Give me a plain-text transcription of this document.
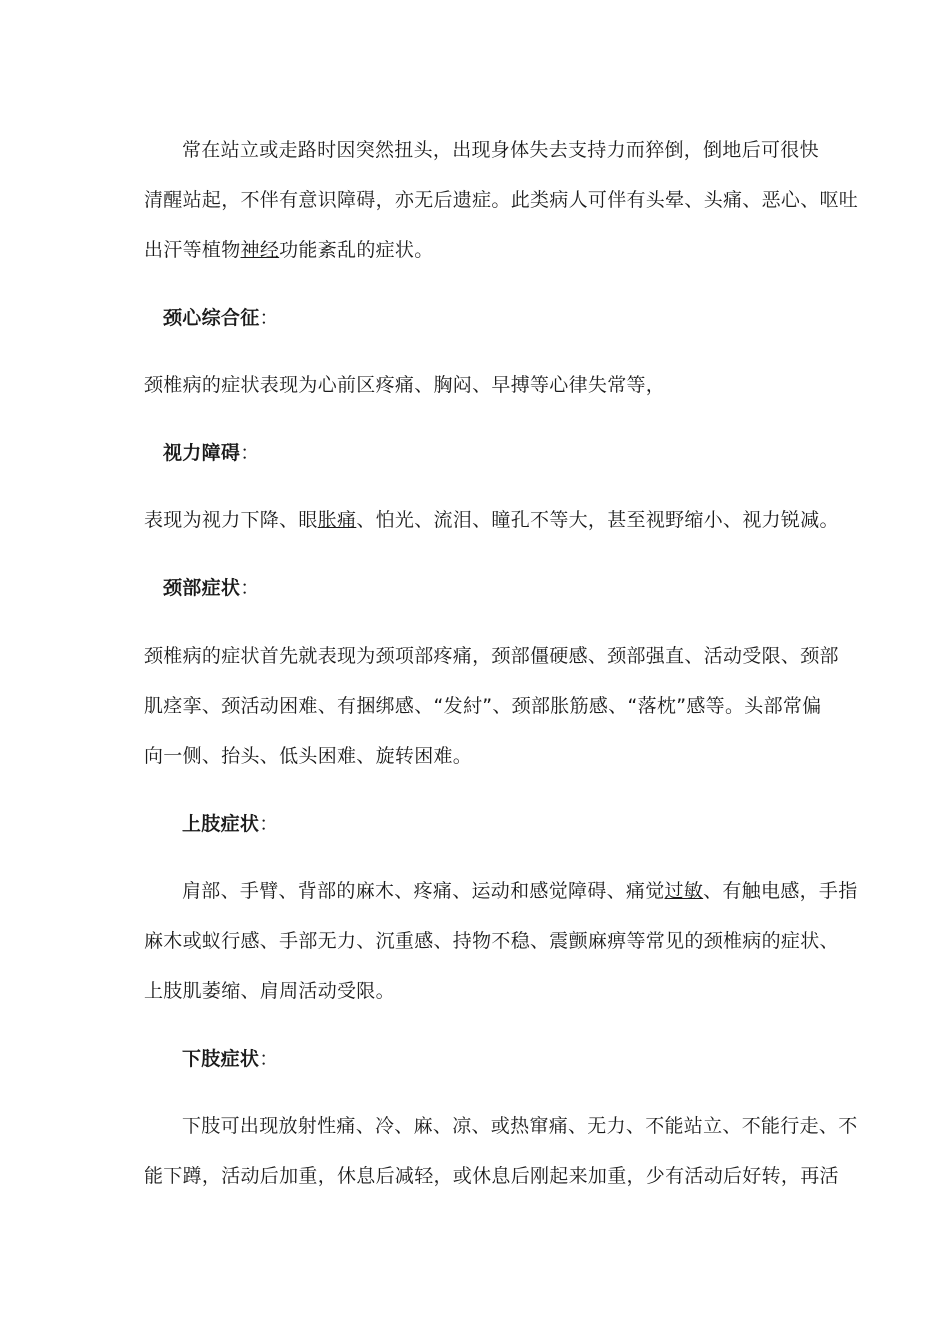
常在站立或走路时因突然扭头，出现身体失去支持力而猝倒，倒地后可很快
清醒站起，不伴有意识障碍，亦无后遗症。此类病人可伴有头晕、头痛、恶心、呕吐
出汗等植物神经功能紊乱的症状。
颈心综合征：
颈椎病的症状表现为心前区疼痛、胸闷、早搏等心律失常等，
视力障碍：
表现为视力下降、眼胀痛、怕光、流泪、瞳孔不等大，甚至视野缩小、视力锐减。
颈部症状：
颈椎病的症状首先就表现为颈项部疼痛，颈部僵硬感、颈部强直、活动受限、颈部
肌痉挛、颈活动困难、有捆绑感、“发紂”、颈部胀筋感、“落枕”感等。头部常偏
向一侧、抬头、低头困难、旋转困难。
上肢症状：
肩部、手臂、背部的麻木、疼痛、运动和感觉障碍、痛觉过敏、有触电感，手指
麻木或蚁行感、手部无力、沉重感、持物不稳、震颤麻痹等常见的颈椎病的症状、
上肢肌萎缩、肩周活动受限。
下肢症状：
下肢可出现放射性痛、冷、麻、凉、或热窜痛、无力、不能站立、不能行走、不
能下蹲，活动后加重，休息后减轻，或休息后刚起来加重，少有活动后好转，再活
